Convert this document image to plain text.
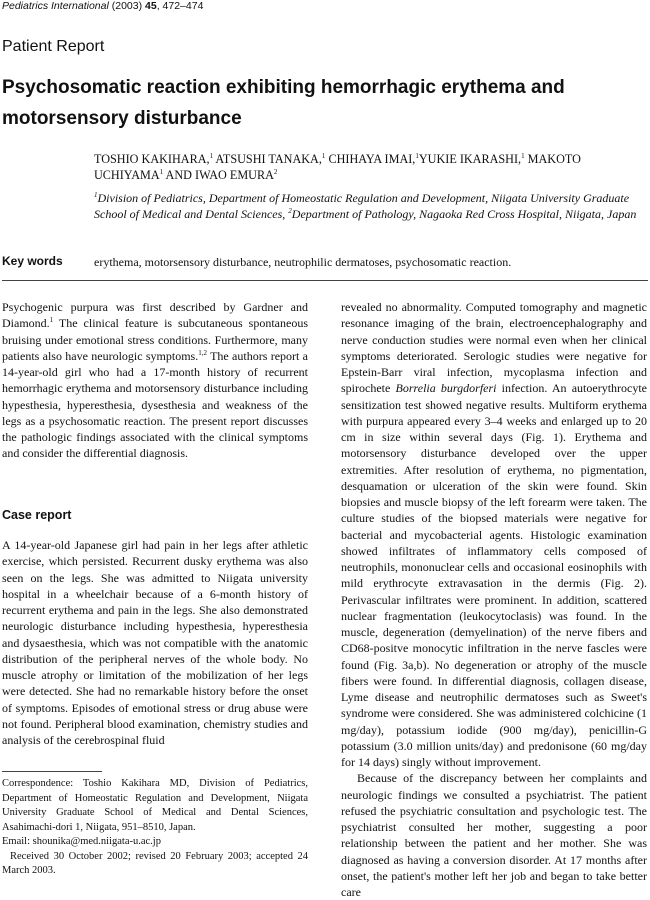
Pediatrics International (2003) 45, 472–474
Patient Report
Psychosomatic reaction exhibiting hemorrhagic erythema and motorsensory disturbance
TOSHIO KAKIHARA,$^1$ ATSUSHI TANAKA,$^1$ CHIHAYA IMAI,$^1$YUKIE IKARASHI,$^1$ MAKOTO UCHIYAMA$^1$ AND IWAO EMURA$^2$
$^1$Division of Pediatrics, Department of Homeostatic Regulation and Development, Niigata University Graduate School of Medical and Dental Sciences, $^2$Department of Pathology, Nagaoka Red Cross Hospital, Niigata, Japan
Key words	erythema, motorsensory disturbance, neutrophilic dermatoses, psychosomatic reaction.

Psychogenic purpura was first described by Gardner and Diamond.$^1$ The clinical feature is subcutaneous spontaneous bruising under emotional stress conditions. Furthermore, many patients also have neurologic symptoms.$^{1,2}$ The authors report a 14-year-old girl who had a 17-month history of recurrent hemorrhagic erythema and motorsensory disturbance including hypesthesia, hyperesthesia, dysesthesia and weakness of the legs as a psychosomatic reaction. The present report discusses the pathologic findings associated with the clinical symptoms and consider the differential diagnosis.

Case report

A 14-year-old Japanese girl had pain in her legs after athletic exercise, which persisted. Recurrent dusky erythema was also seen on the legs. She was admitted to Niigata university hospital in a wheelchair because of a 6-month history of recurrent erythema and pain in the legs. She also demonstrated neurologic disturbance including hypesthesia, hyperesthesia and dysaesthesia, which was not compatible with the anatomic distribution of the peripheral nerves of the whole body. No muscle atrophy or limitation of the mobilization of her legs were detected. She had no remarkable history before the onset of symptoms. Episodes of emotional stress or drug abuse were not found. Peripheral blood examination, chemistry studies and analysis of the cerebrospinal fluid

revealed no abnormality. Computed tomography and magnetic resonance imaging of the brain, electroencephalography and nerve conduction studies were normal even when her clinical symptoms deteriorated. Serologic studies were negative for Epstein-Barr viral infection, mycoplasma infection and spirochete Borrelia burgdorferi infection. An autoerythrocyte sensitization test showed negative results. Multiform erythema with purpura appeared every 3–4 weeks and enlarged up to 20 cm in size within several days (Fig. 1). Erythema and motorsensory disturbance developed over the upper extremities. After resolution of erythema, no pigmentation, desquamation or ulceration of the skin were found. Skin biopsies and muscle biopsy of the left forearm were taken. The culture studies of the biopsed materials were negative for bacterial and mycobacterial agents. Histologic examination showed infiltrates of inflammatory cells composed of neutrophils, mononuclear cells and occasional eosinophils with mild erythrocyte extravasation in the dermis (Fig. 2). Perivascular infiltrates were prominent. In addition, scattered nuclear fragmentation (leukocytoclasis) was found. In the muscle, degeneration (demyelination) of the nerve fibers and CD68-positve monocytic infiltration in the nerve fascles were found (Fig. 3a,b). No degeneration or atrophy of the muscle fibers were found. In differential diagnosis, collagen disease, Lyme disease and neutrophilic dermatoses such as Sweet's syndrome were considered. She was administered colchicine (1 mg/day), potassium iodide (900 mg/day), penicillin-G potassium (3.0 million units/day) and predonisone (60 mg/day for 14 days) singly without improvement.

Because of the discrepancy between her complaints and neurologic findings we consulted a psychiatrist. The patient refused the psychiatric consultation and psychologic test. The psychiatrist consulted her mother, suggesting a poor relationship between the patient and her mother. She was diagnosed as having a conversion disorder. At 17 months after onset, the patient's mother left her job and began to take better care

Correspondence: Toshio Kakihara MD, Division of Pediatrics, Department of Homeostatic Regulation and Development, Niigata University Graduate School of Medical and Dental Sciences, Asahimachi-dori 1, Niigata, 951–8510, Japan.
Email: shounika@med.niigata-u.ac.jp
Received 30 October 2002; revised 20 February 2003; accepted 24 March 2003.
